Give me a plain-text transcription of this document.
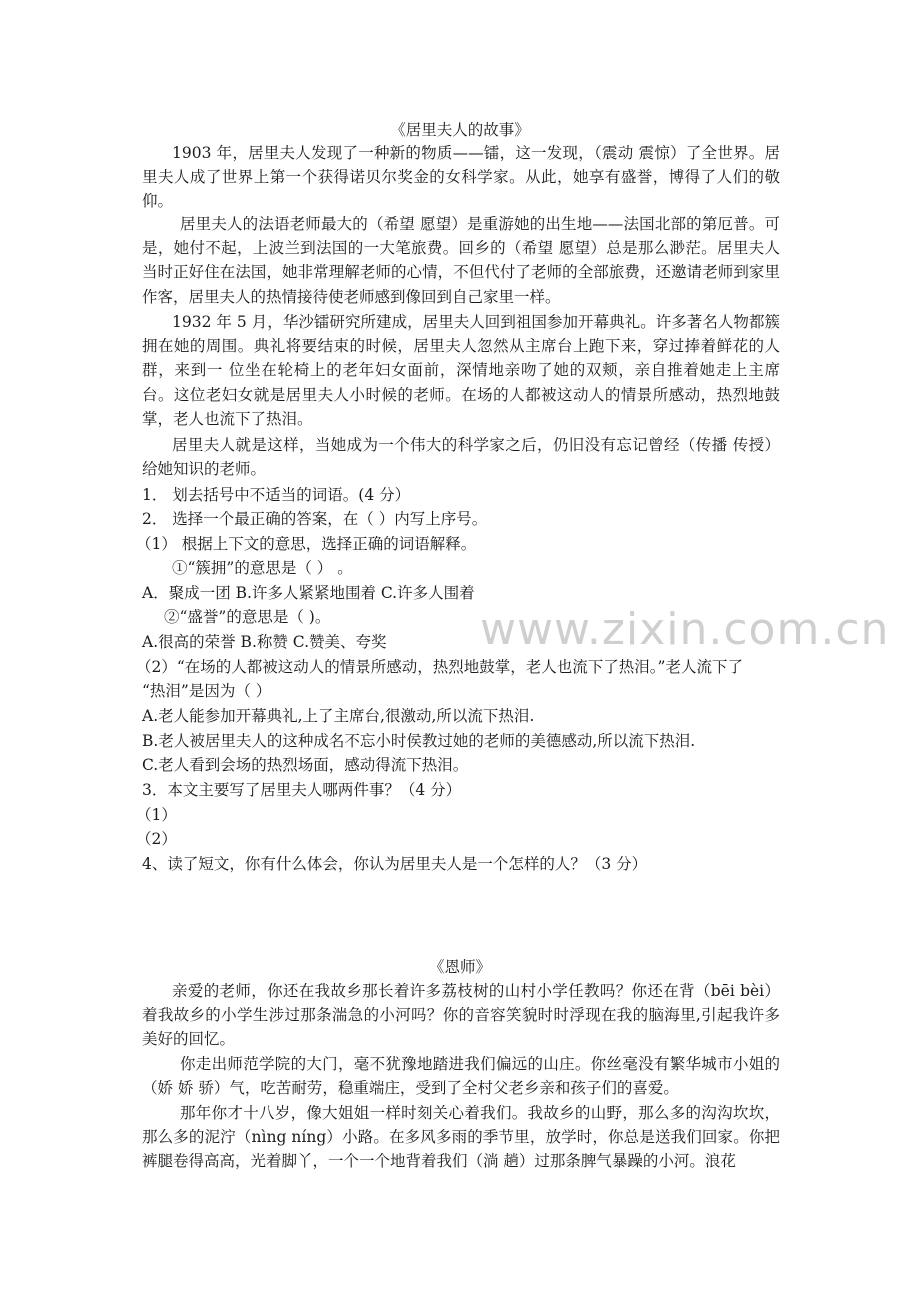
《居里夫人的故事》

1903 年，居里夫人发现了一种新的物质——镭，这一发现，（震动 震惊）了全世界。居里夫人成了世界上第一个获得诺贝尔奖金的女科学家。从此，她享有盛誉，博得了人们的敬仰。

居里夫人的法语老师最大的（希望 愿望）是重游她的出生地——法国北部的第厄普。可是，她付不起，上波兰到法国的一大笔旅费。回乡的（希望 愿望）总是那么渺茫。居里夫人当时正好住在法国，她非常理解老师的心情，不但代付了老师的全部旅费，还邀请老师到家里作客，居里夫人的热情接待使老师感到像回到自己家里一样。

1932 年 5 月，华沙镭研究所建成，居里夫人回到祖国参加开幕典礼。许多著名人物都簇拥在她的周围。典礼将要结束的时候，居里夫人忽然从主席台上跑下来，穿过捧着鲜花的人群，来到一 位坐在轮椅上的老年妇女面前，深情地亲吻了她的双颊，亲自推着她走上主席台。这位老妇女就是居里夫人小时候的老师。在场的人都被这动人的情景所感动，热烈地鼓掌，老人也流下了热泪。

居里夫人就是这样，当她成为一个伟大的科学家之后，仍旧没有忘记曾经（传播 传授）给她知识的老师。

1． 划去括号中不适当的词语。(4 分）
2． 选择一个最正确的答案，在（ ）内写上序号。
（1） 根据上下文的意思，选择正确的词语解释。
①“簇拥”的意思是（ ） 。
A．聚成一团 B.许多人紧紧地围着 C.许多人围着
②“盛誉”的意思是（ )。
A.很高的荣誉 B.称赞 C.赞美、夸奖
（2）“在场的人都被这动人的情景所感动，热烈地鼓掌，老人也流下了热泪。”老人流下了
“热泪”是因为（ ）
A.老人能参加开幕典礼,上了主席台,很激动,所以流下热泪.
B.老人被居里夫人的这种成名不忘小时侯教过她的老师的美德感动,所以流下热泪.
C.老人看到会场的热烈场面，感动得流下热泪。
3．本文主要写了居里夫人哪两件事？（4 分）
（1）
（2）
4、读了短文，你有什么体会，你认为居里夫人是一个怎样的人？（3 分）
www.zixin.com.cn
《恩师》

亲爱的老师，你还在我故乡那长着许多荔枝树的山村小学任教吗？你还在背（bēi bèi）着我故乡的小学生涉过那条湍急的小河吗？你的音容笑貌时时浮现在我的脑海里,引起我许多美好的回忆。

你走出师范学院的大门，毫不犹豫地踏进我们偏远的山庄。你丝毫没有繁华城市小姐的（娇 娇 骄）气，吃苦耐劳，稳重端庄，受到了全村父老乡亲和孩子们的喜爱。

那年你才十八岁，像大姐姐一样时刻关心着我们。我故乡的山野，那么多的沟沟坎坎，那么多的泥泞（nìng níng）小路。在多风多雨的季节里，放学时，你总是送我们回家。你把裤腿卷得高高，光着脚丫，一个一个地背着我们（淌 趟）过那条脾气暴躁的小河。浪花
